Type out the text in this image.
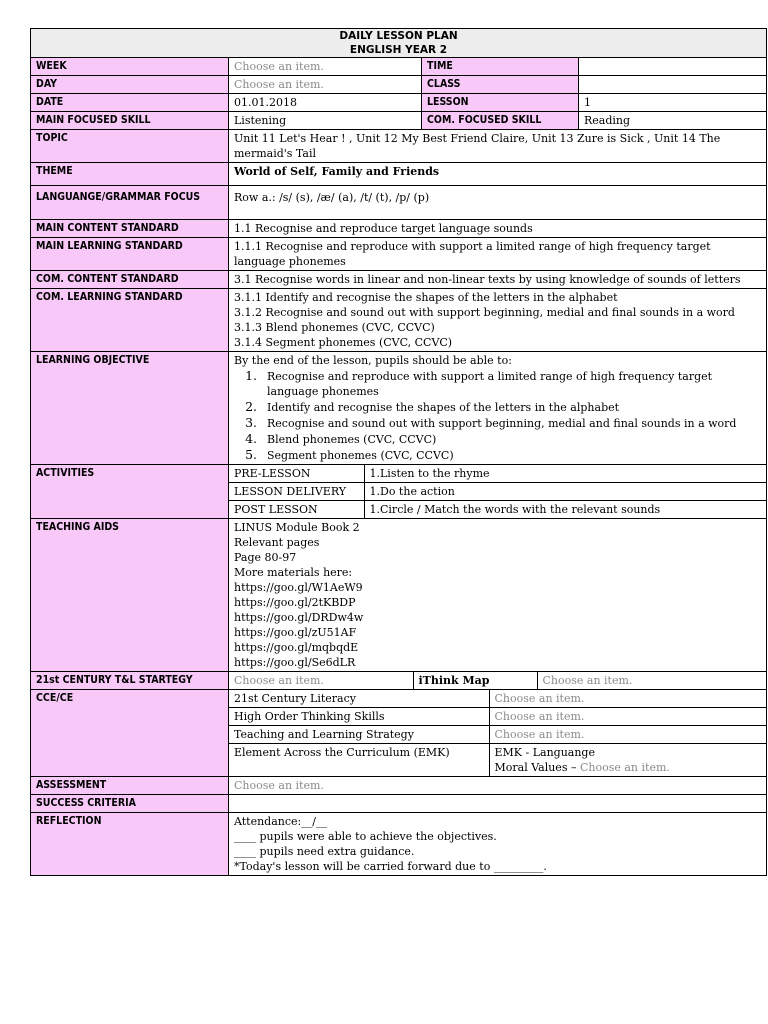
DAILY LESSON PLAN
ENGLISH YEAR 2

WEEK	Choose an item.	TIME	
DAY	Choose an item.	CLASS	
DATE	01.01.2018	LESSON	1
MAIN FOCUSED SKILL	Listening	COM. FOCUSED SKILL	Reading
TOPIC	Unit 11 Let's Hear ! , Unit 12 My Best Friend Claire, Unit 13 Zure is Sick , Unit 14 The mermaid's Tail
THEME	World of Self, Family and Friends
LANGUANGE/GRAMMAR FOCUS	Row a.: /s/ (s), /æ/ (a), /t/ (t), /p/ (p)
MAIN CONTENT STANDARD	1.1 Recognise and reproduce target language sounds
MAIN LEARNING STANDARD	1.1.1 Recognise and reproduce with support a limited range of high frequency target language phonemes
COM. CONTENT STANDARD	3.1 Recognise words in linear and non-linear texts by using knowledge of sounds of letters
COM. LEARNING STANDARD	3.1.1 Identify and recognise the shapes of the letters in the alphabet
3.1.2 Recognise and sound out with support beginning, medial and final sounds in a word
3.1.3 Blend phonemes (CVC, CCVC)
3.1.4 Segment phonemes (CVC, CCVC)

LEARNING OBJECTIVE	By the end of the lesson, pupils should be able to:
1. Recognise and reproduce with support a limited range of high frequency target language phonemes
2. Identify and recognise the shapes of the letters in the alphabet
3. Recognise and sound out with support beginning, medial and final sounds in a word
4. Blend phonemes (CVC, CCVC)
5. Segment phonemes (CVC, CCVC)

ACTIVITIES		PRE-LESSON	1.Listen to the rhyme
LESSON DELIVERY	1.Do the action
POST LESSON	1.Circle / Match the words with the relevant sounds

TEACHING AIDS	LINUS Module Book 2
Relevant pages
Page 80-97
More materials here:
https://goo.gl/W1AeW9
https://goo.gl/2tKBDP
https://goo.gl/DRDw4w
https://goo.gl/zU51AF
https://goo.gl/mqbqdE
https://goo.gl/Se6dLR

21st CENTURY T&L STARTEGY		Choose an item.	iThink Map	Choose an item.

CCE/CE		21st Century Literacy	Choose an item.
High Order Thinking Skills	Choose an item.
Teaching and Learning Strategy	Choose an item.
Element Across the Curriculum (EMK)	EMK - Languange
Moral Values – Choose an item.

ASSESSMENT	Choose an item.
SUCCESS CRITERIA	
REFLECTION	Attendance:__/__
____ pupils were able to achieve the objectives.
____ pupils need extra guidance.
*Today's lesson will be carried forward due to _________.
